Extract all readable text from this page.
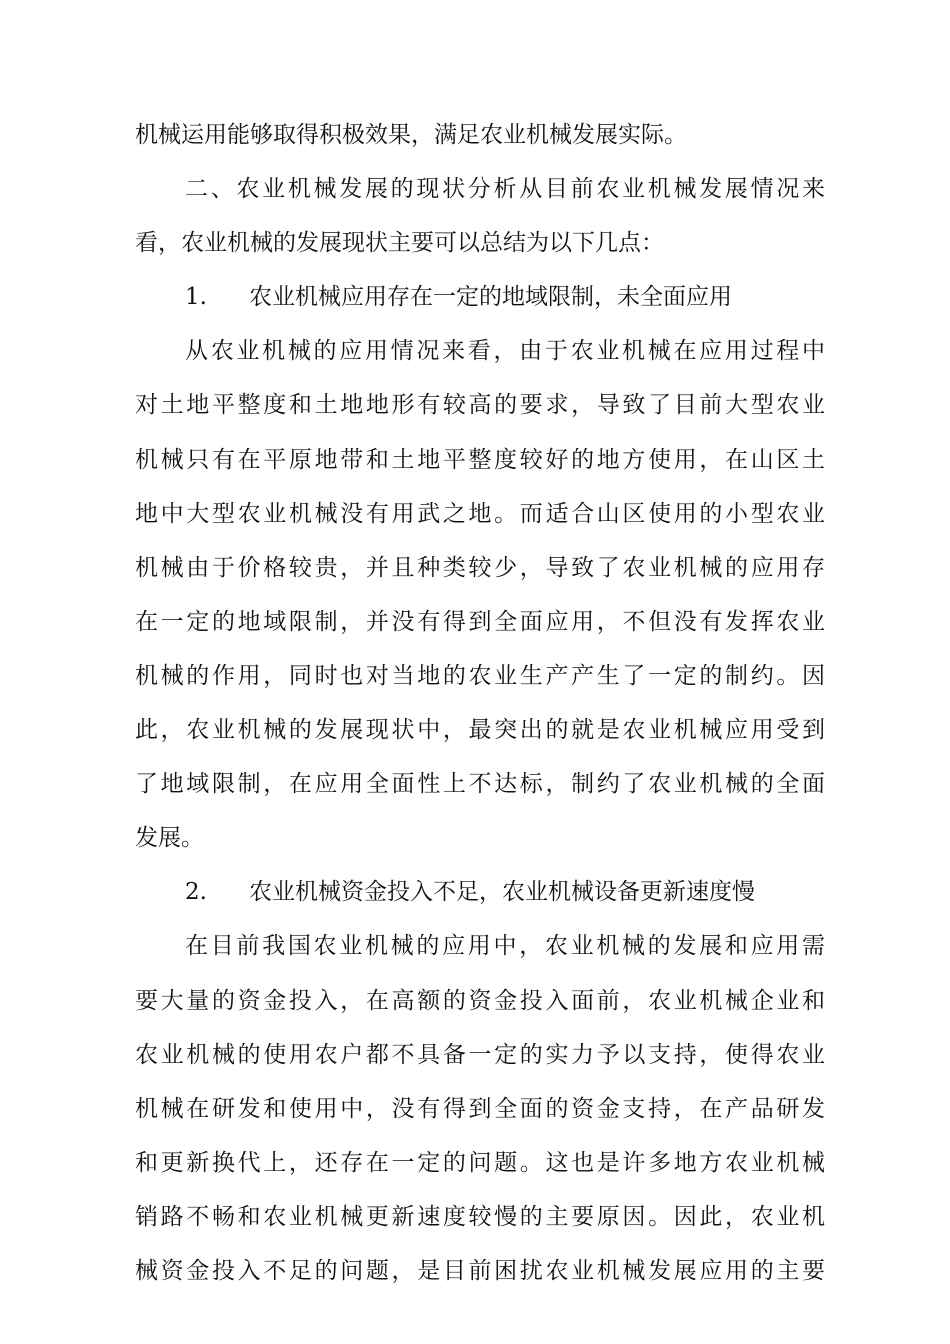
机械运用能够取得积极效果，满足农业机械发展实际。
二、农业机械发展的现状分析从目前农业机械发展情况来
看，农业机械的发展现状主要可以总结为以下几点：
1.	农业机械应用存在一定的地域限制，未全面应用
从农业机械的应用情况来看，由于农业机械在应用过程中
对土地平整度和土地地形有较高的要求，导致了目前大型农业
机械只有在平原地带和土地平整度较好的地方使用，在山区土
地中大型农业机械没有用武之地。而适合山区使用的小型农业
机械由于价格较贵，并且种类较少，导致了农业机械的应用存
在一定的地域限制，并没有得到全面应用，不但没有发挥农业
机械的作用，同时也对当地的农业生产产生了一定的制约。因
此，农业机械的发展现状中，最突出的就是农业机械应用受到
了地域限制，在应用全面性上不达标，制约了农业机械的全面
发展。
2.	农业机械资金投入不足，农业机械设备更新速度慢
在目前我国农业机械的应用中，农业机械的发展和应用需
要大量的资金投入，在高额的资金投入面前，农业机械企业和
农业机械的使用农户都不具备一定的实力予以支持，使得农业
机械在研发和使用中，没有得到全面的资金支持，在产品研发
和更新换代上，还存在一定的问题。这也是许多地方农业机械
销路不畅和农业机械更新速度较慢的主要原因。因此，农业机
械资金投入不足的问题，是目前困扰农业机械发展应用的主要
